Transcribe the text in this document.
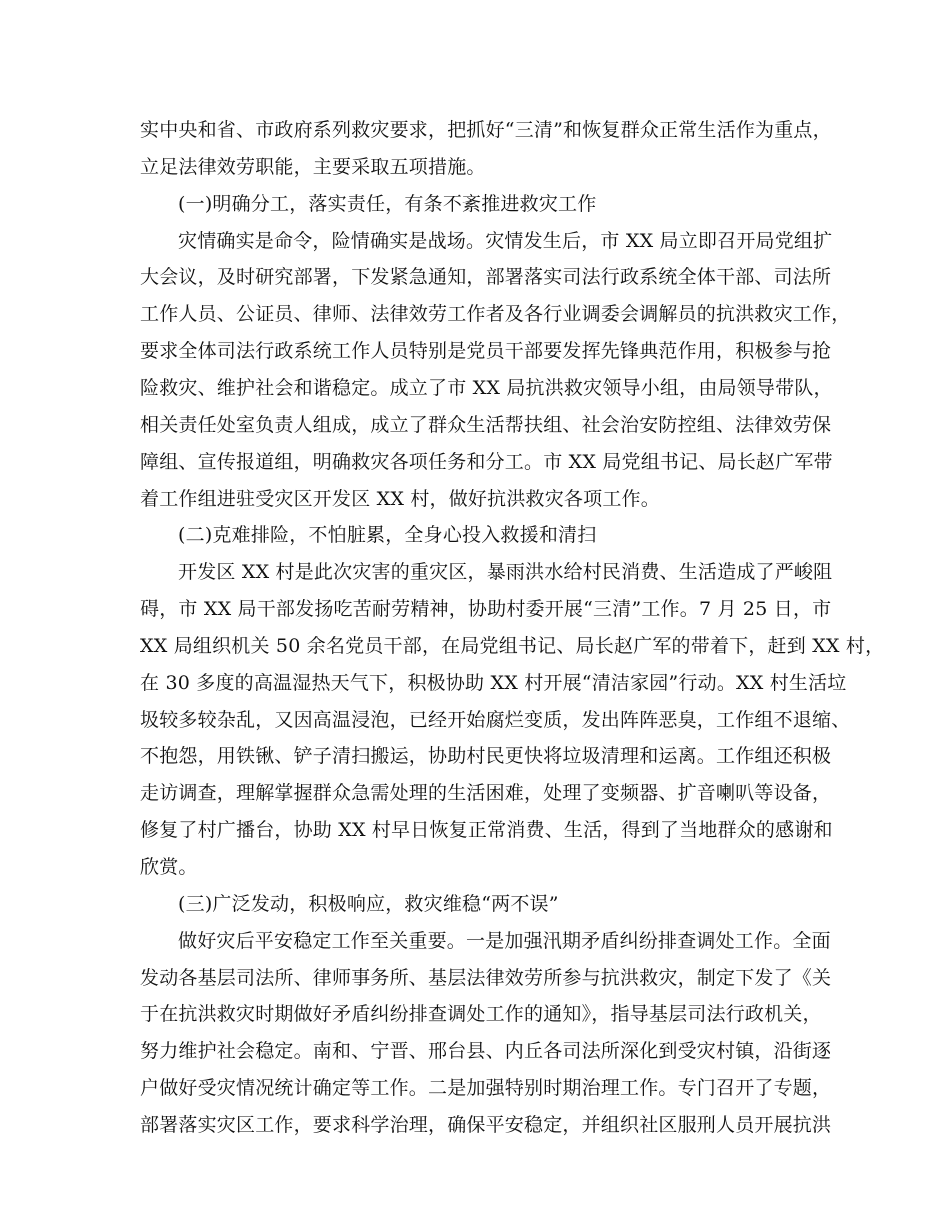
实中央和省、市政府系列救灾要求，把抓好“三清”和恢复群众正常生活作为重点，
立足法律效劳职能，主要采取五项措施。
(一)明确分工，落实责任，有条不紊推进救灾工作
灾情确实是命令，险情确实是战场。灾情发生后，市 XX 局立即召开局党组扩
大会议，及时研究部署，下发紧急通知，部署落实司法行政系统全体干部、司法所
工作人员、公证员、律师、法律效劳工作者及各行业调委会调解员的抗洪救灾工作，
要求全体司法行政系统工作人员特别是党员干部要发挥先锋典范作用，积极参与抢
险救灾、维护社会和谐稳定。成立了市 XX 局抗洪救灾领导小组，由局领导带队，
相关责任处室负责人组成，成立了群众生活帮扶组、社会治安防控组、法律效劳保
障组、宣传报道组，明确救灾各项任务和分工。市 XX 局党组书记、局长赵广军带
着工作组进驻受灾区开发区 XX 村，做好抗洪救灾各项工作。
(二)克难排险，不怕脏累，全身心投入救援和清扫
开发区 XX 村是此次灾害的重灾区，暴雨洪水给村民消费、生活造成了严峻阻
碍，市 XX 局干部发扬吃苦耐劳精神，协助村委开展“三清”工作。7 月 25 日，市
XX 局组织机关 50 余名党员干部，在局党组书记、局长赵广军的带着下，赶到 XX 村，
在 30 多度的高温湿热天气下，积极协助 XX 村开展“清洁家园”行动。XX 村生活垃
圾较多较杂乱，又因高温浸泡，已经开始腐烂变质，发出阵阵恶臭，工作组不退缩、
不抱怨，用铁锹、铲子清扫搬运，协助村民更快将垃圾清理和运离。工作组还积极
走访调查，理解掌握群众急需处理的生活困难，处理了变频器、扩音喇叭等设备，
修复了村广播台，协助 XX 村早日恢复正常消费、生活，得到了当地群众的感谢和
欣赏。
(三)广泛发动，积极响应，救灾维稳“两不误”
做好灾后平安稳定工作至关重要。一是加强汛期矛盾纠纷排查调处工作。全面
发动各基层司法所、律师事务所、基层法律效劳所参与抗洪救灾，制定下发了《关
于在抗洪救灾时期做好矛盾纠纷排查调处工作的通知》，指导基层司法行政机关，
努力维护社会稳定。南和、宁晋、邢台县、内丘各司法所深化到受灾村镇，沿街逐
户做好受灾情况统计确定等工作。二是加强特别时期治理工作。专门召开了专题，
部署落实灾区工作，要求科学治理，确保平安稳定，并组织社区服刑人员开展抗洪
